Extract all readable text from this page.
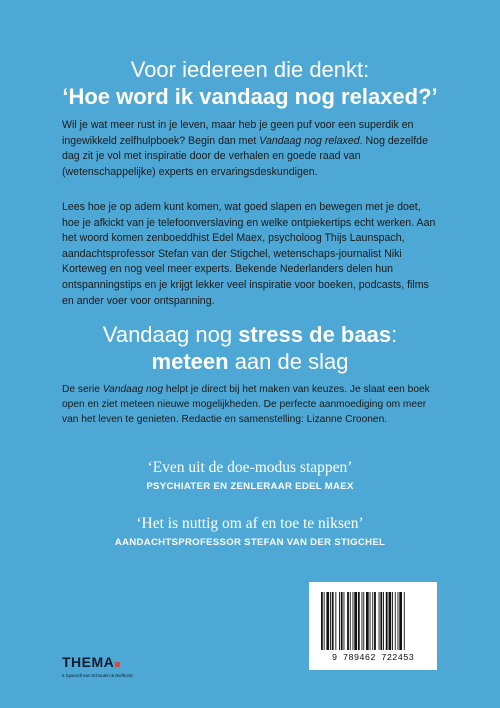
Voor iedereen die denkt:
‘Hoe word ik vandaag nog relaxed?’

Wil je wat meer rust in je leven, maar heb je geen puf voor een superdik en ingewikkeld zelfhulpboek? Begin dan met Vandaag nog relaxed. Nog dezelfde dag zit je vol met inspiratie door de verhalen en goede raad van (wetenschappelijke) experts en ervaringsdeskundigen.

Lees hoe je op adem kunt komen, wat goed slapen en bewegen met je doet, hoe je afkickt van je telefoonverslaving en welke ontpiekertips echt werken. Aan het woord komen zenboeddhist Edel Maex, psycholoog Thijs Launspach, aandachtsprofessor Stefan van der Stigchel, wetenschaps-journalist Niki Korteweg en nog veel meer experts. Bekende Nederlanders delen hun ontspanningstips en je krijgt lekker veel inspiratie voor boeken, podcasts, films en ander voer voor ontspanning.

Vandaag nog stress de baas:
meteen aan de slag

De serie Vandaag nog helpt je direct bij het maken van keuzes. Je slaat een boek open en ziet meteen nieuwe mogelijkheden. De perfecte aanmoediging om meer van het leven te genieten. Redactie en samenstelling: Lizanne Croonen.

‘Even uit de doe-modus stappen’
PSYCHIATER EN ZENLERAAR EDEL MAEX
‘Het is nuttig om af en toe te niksen’
AANDACHTSPROFESSOR STEFAN VAN DER STIGCHEL
THEMA
a Spaendl van Schouten & Nielhorst
9 789462 722453
